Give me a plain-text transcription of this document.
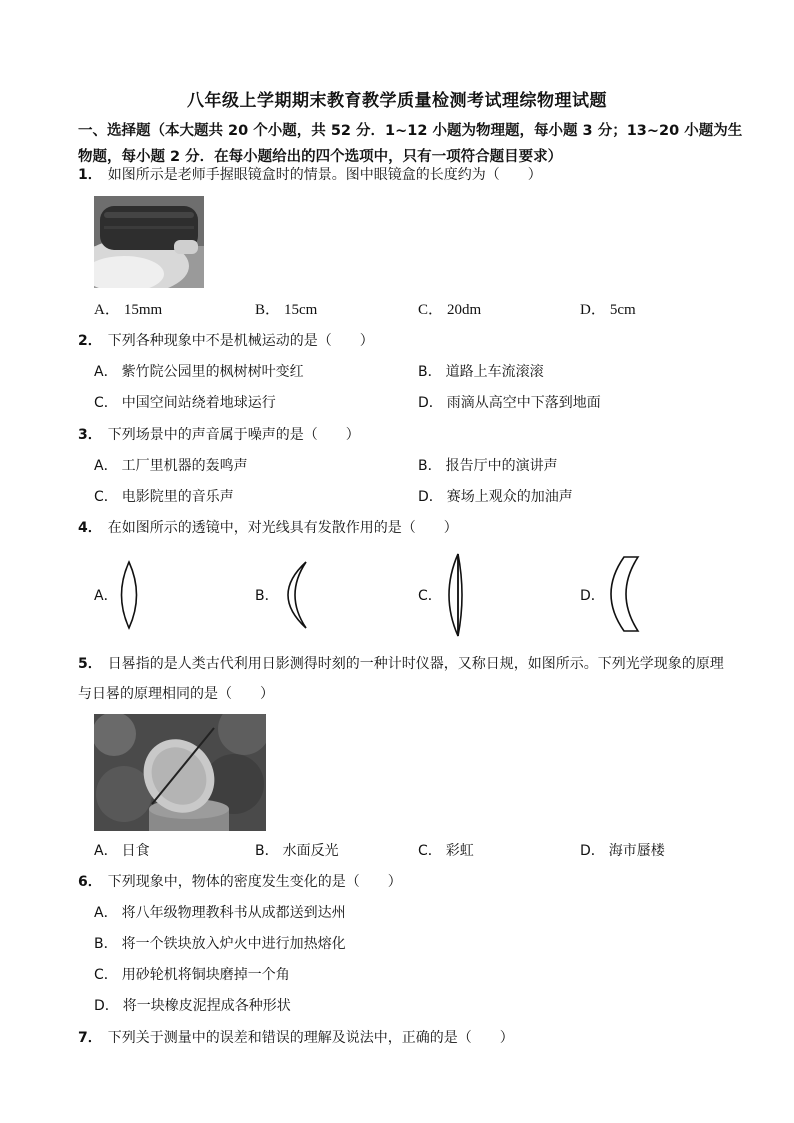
八年级上学期期末教育教学质量检测考试理综物理试题
一、选择题（本大题共 20 个小题，共 52 分．1~12 小题为物理题，每小题 3 分；13~20 小题为生物题，每小题 2 分．在每小题给出的四个选项中，只有一项符合题目要求）
1． 如图所示是老师手握眼镜盒时的情景。图中眼镜盒的长度约为（　　）
A． 15mm	B． 15cm	C． 20dm	D． 5cm
2． 下列各种现象中不是机械运动的是（　　）
A． 紫竹院公园里的枫树树叶变红	B． 道路上车流滚滚
C． 中国空间站绕着地球运行	D． 雨滴从高空中下落到地面
3． 下列场景中的声音属于噪声的是（　　）
A． 工厂里机器的轰鸣声	B． 报告厅中的演讲声
C． 电影院里的音乐声	D． 赛场上观众的加油声
4． 在如图所示的透镜中，对光线具有发散作用的是（　　）
A．	B．	C．	D．
5． 日晷指的是人类古代利用日影测得时刻的一种计时仪器，又称日规，如图所示。下列光学现象的原理
与日晷的原理相同的是（　　）
A． 日食	B． 水面反光	C． 彩虹	D． 海市蜃楼
6． 下列现象中，物体的密度发生变化的是（　　）
A． 将八年级物理教科书从成都送到达州
B． 将一个铁块放入炉火中进行加热熔化
C． 用砂轮机将铜块磨掉一个角
D． 将一块橡皮泥捏成各种形状
7． 下列关于测量中的误差和错误的理解及说法中，正确的是（　　）
